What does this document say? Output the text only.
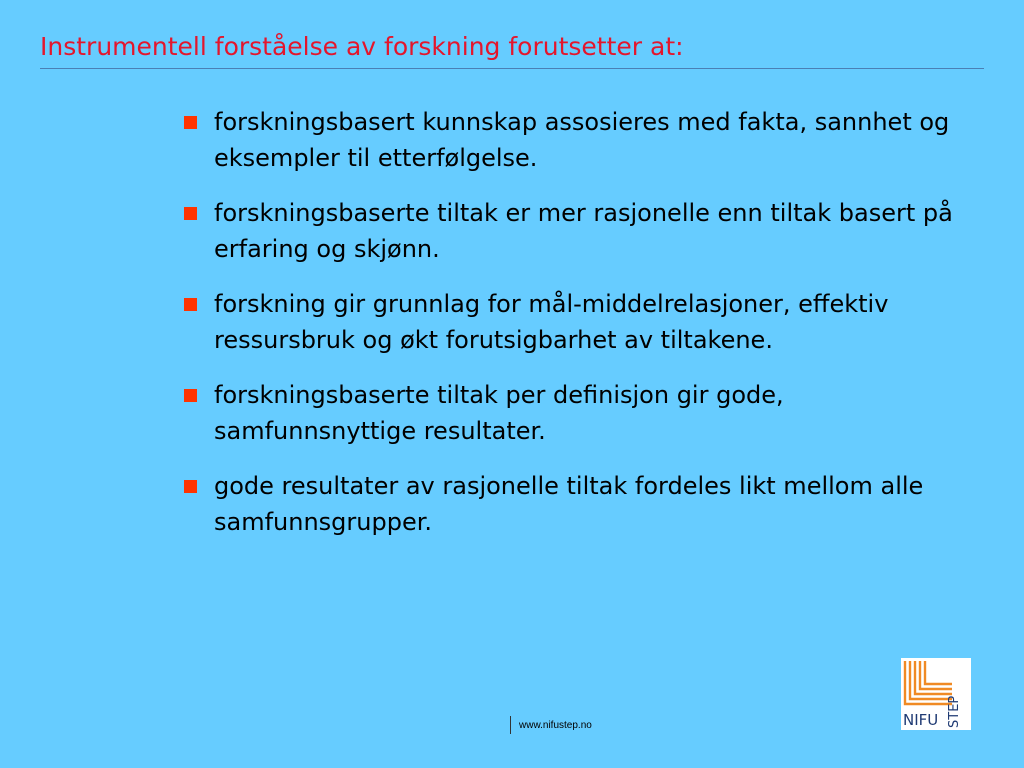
Instrumentell forståelse av forskning forutsetter at:
forskningsbasert kunnskap assosieres med fakta, sannhet og eksempler til etterfølgelse.
forskningsbaserte tiltak er mer rasjonelle enn tiltak basert på erfaring og skjønn.
forskning gir grunnlag for mål-middelrelasjoner, effektiv ressursbruk og økt forutsigbarhet av tiltakene.
forskningsbaserte tiltak per definisjon gir gode, samfunnsnyttige resultater.
gode resultater av rasjonelle tiltak fordeles likt mellom alle samfunnsgrupper.
www.nifustep.no	NIFU STEP
